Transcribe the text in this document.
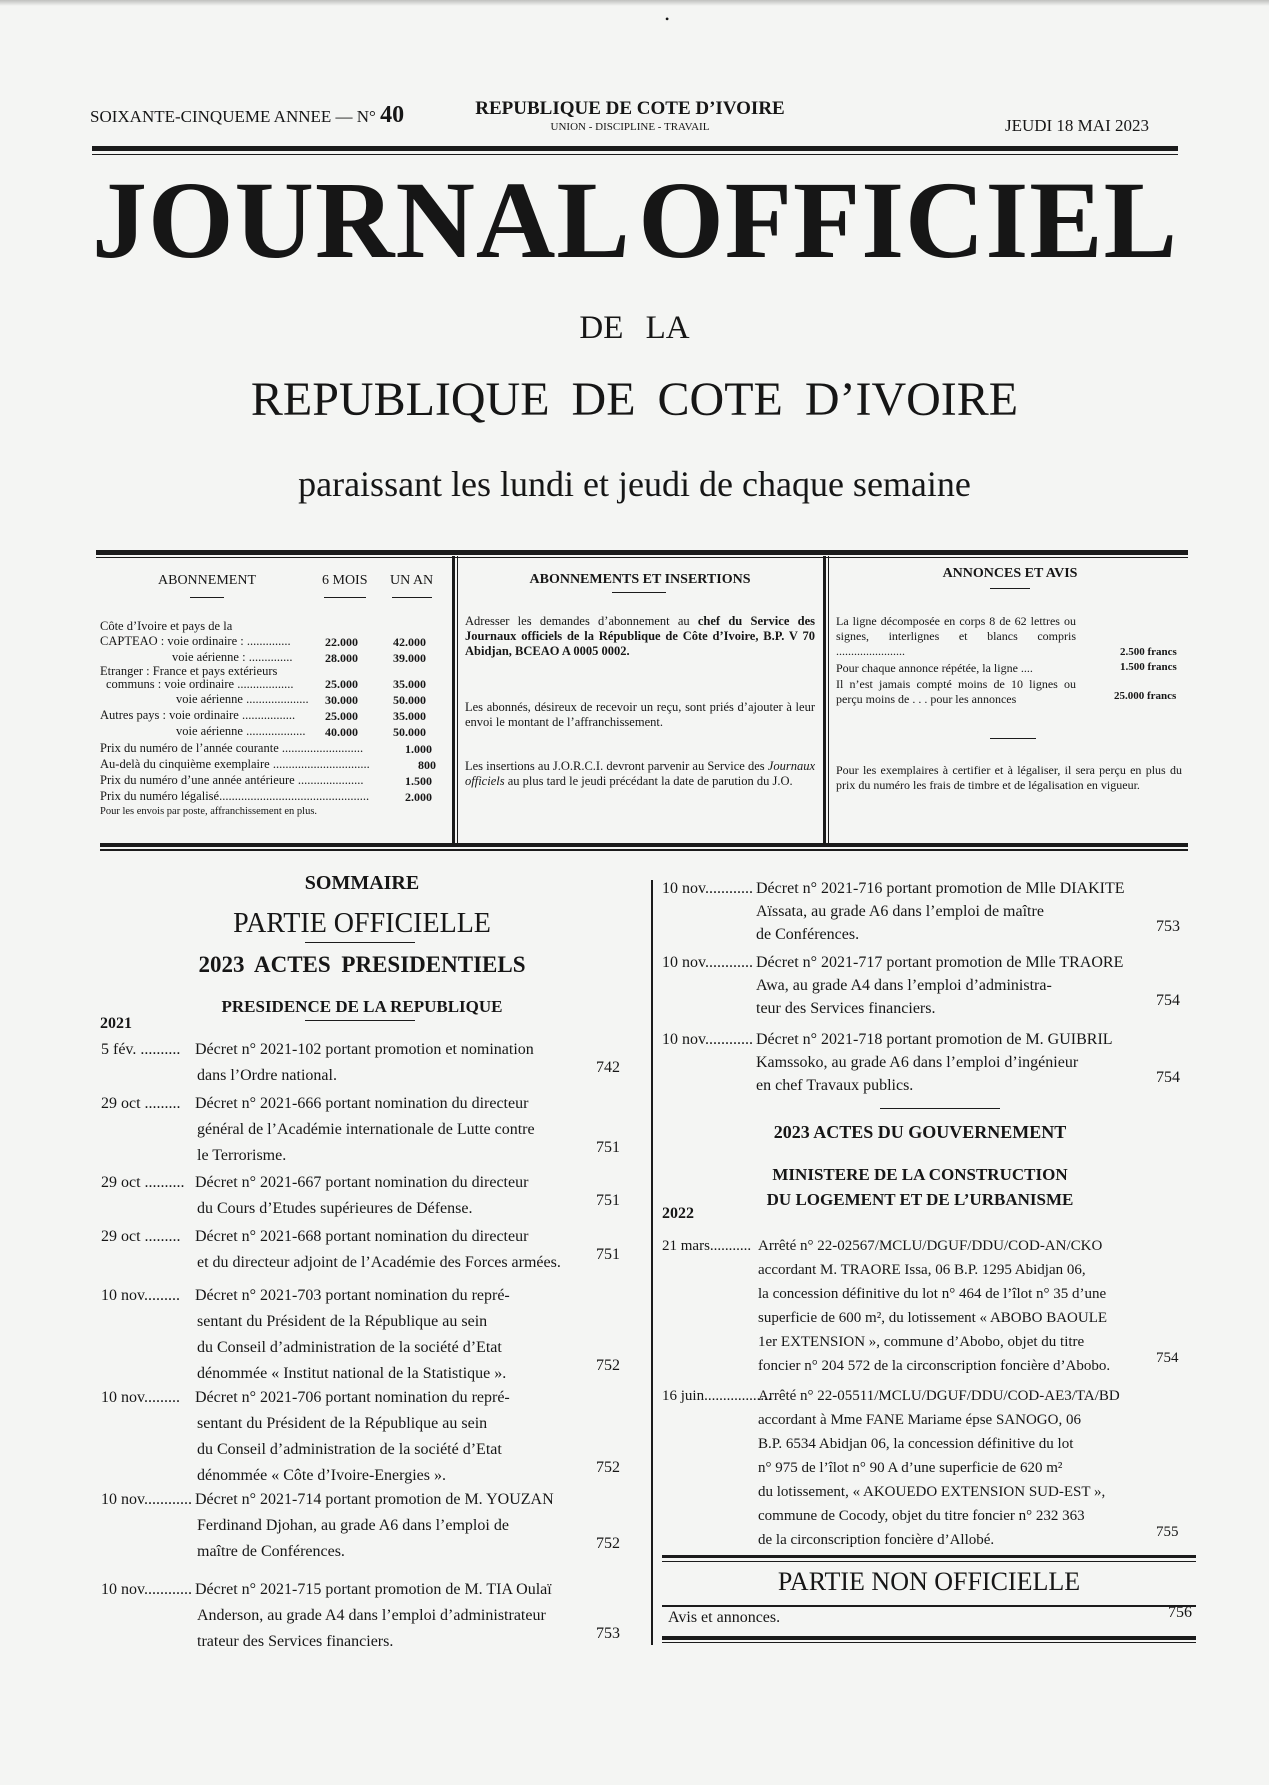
•
SOIXANTE-CINQUEME ANNEE — N° 40	REPUBLIQUE DE COTE D’IVOIRE
UNION - DISCIPLINE - TRAVAIL	JEUDI 18 MAI 2023
JOURNAL OFFICIEL
DE LA
REPUBLIQUE DE COTE D’IVOIRE
paraissant les lundi et jeudi de chaque semaine
ABONNEMENT	6 MOIS UN AN
Côte d’Ivoire et pays de la
CAPTEAO : voie ordinaire : ..............	22.000	42.000
voie aérienne : ..............	28.000	39.000
Etranger : France et pays extérieurs
communs : voie ordinaire ..................	25.000	35.000
voie aérienne .................... 30.000	50.000
Autres pays : voie ordinaire ................. 25.000	35.000
voie aérienne ................... 40.000	50.000
Prix du numéro de l’année courante ..........................	1.000
Au-delà du cinquième exemplaire ...............................	800
Prix du numéro d’une année antérieure .....................	1.500
Prix du numéro légalisé................................................	2.000
Pour les envois par poste, affranchissement en plus.
ABONNEMENTS ET INSERTIONS
Adresser les demandes d’abonnement au chef du Service des Journaux officiels de la République de Côte d’Ivoire, B.P. V 70 Abidjan, BCEAO A 0005 0002.
Les abonnés, désireux de recevoir un reçu, sont priés d’ajouter à leur envoi le montant de l’affranchissement.
Les insertions au J.O.R.C.I. devront parvenir au Service des Journaux officiels au plus tard le jeudi précédant la date de parution du J.O.
ANNONCES ET AVIS
La ligne décomposée en corps 8 de 62 lettres ou signes, interlignes et blancs compris .......................	2.500 francs
Pour chaque annonce répétée, la ligne ....	1.500 francs
Il n’est jamais compté moins de 10 lignes ou perçu moins de . . . pour les annonces	25.000 francs
Pour les exemplaires à certifier et à légaliser, il sera perçu en plus du prix du numéro les frais de timbre et de légalisation en vigueur.
SOMMAIRE
PARTIE OFFICIELLE
2023 ACTES PRESIDENTIELS
PRESIDENCE DE LA REPUBLIQUE
2021
5 fév. .......... Décret n° 2021-102 portant promotion et nomination
dans l’Ordre national.	742
29 oct ......... Décret n° 2021-666 portant nomination du directeur
général de l’Académie internationale de Lutte contre
le Terrorisme.	751
29 oct .......... Décret n° 2021-667 portant nomination du directeur
du Cours d’Etudes supérieures de Défense.	751
29 oct ......... Décret n° 2021-668 portant nomination du directeur
et du directeur adjoint de l’Académie des Forces armées. 751
10 nov......... Décret n° 2021-703 portant nomination du repré-
sentant du Président de la République au sein
du Conseil d’administration de la société d’Etat
dénommée « Institut national de la Statistique ».	752
10 nov......... Décret n° 2021-706 portant nomination du repré-
sentant du Président de la République au sein
du Conseil d’administration de la société d’Etat
dénommée « Côte d’Ivoire-Energies ».	752
10 nov............ Décret n° 2021-714 portant promotion de M. YOUZAN
Ferdinand Djohan, au grade A6 dans l’emploi de
maître de Conférences.	752
10 nov............ Décret n° 2021-715 portant promotion de M. TIA Oulaï
Anderson, au grade A4 dans l’emploi d’administrateur
trateur des Services financiers.	753
10 nov............ Décret n° 2021-716 portant promotion de Mlle DIAKITE
Aïssata, au grade A6 dans l’emploi de maître
de Conférences.	753
10 nov............ Décret n° 2021-717 portant promotion de Mlle TRAORE
Awa, au grade A4 dans l’emploi d’administra-
teur des Services financiers.	754
10 nov............ Décret n° 2021-718 portant promotion de M. GUIBRIL
Kamssoko, au grade A6 dans l’emploi d’ingénieur
en chef Travaux publics.	754
2023 ACTES DU GOUVERNEMENT
MINISTERE DE LA CONSTRUCTION
DU LOGEMENT ET DE L’URBANISME
2022
21 mars........... Arrêté n° 22-02567/MCLU/DGUF/DDU/COD-AN/CKO
accordant M. TRAORE Issa, 06 B.P. 1295 Abidjan 06,
la concession définitive du lot n° 464 de l’îlot n° 35 d’une
superficie de 600 m², du lotissement « ABOBO BAOULE
1er EXTENSION », commune d’Abobo, objet du titre
foncier n° 204 572 de la circonscription foncière d’Abobo.	754
16 juin..................
Arrêté n° 22-05511/MCLU/DGUF/DDU/COD-AE3/TA/BD
accordant à Mme FANE Mariame épse SANOGO, 06
B.P. 6534 Abidjan 06, la concession définitive du lot
n° 975 de l’îlot n° 90 A d’une superficie de 620 m²
du lotissement, « AKOUEDO EXTENSION SUD-EST »,
commune de Cocody, objet du titre foncier n° 232 363
de la circonscription foncière d’Allobé.	755
PARTIE NON OFFICIELLE
Avis et annonces.	756
